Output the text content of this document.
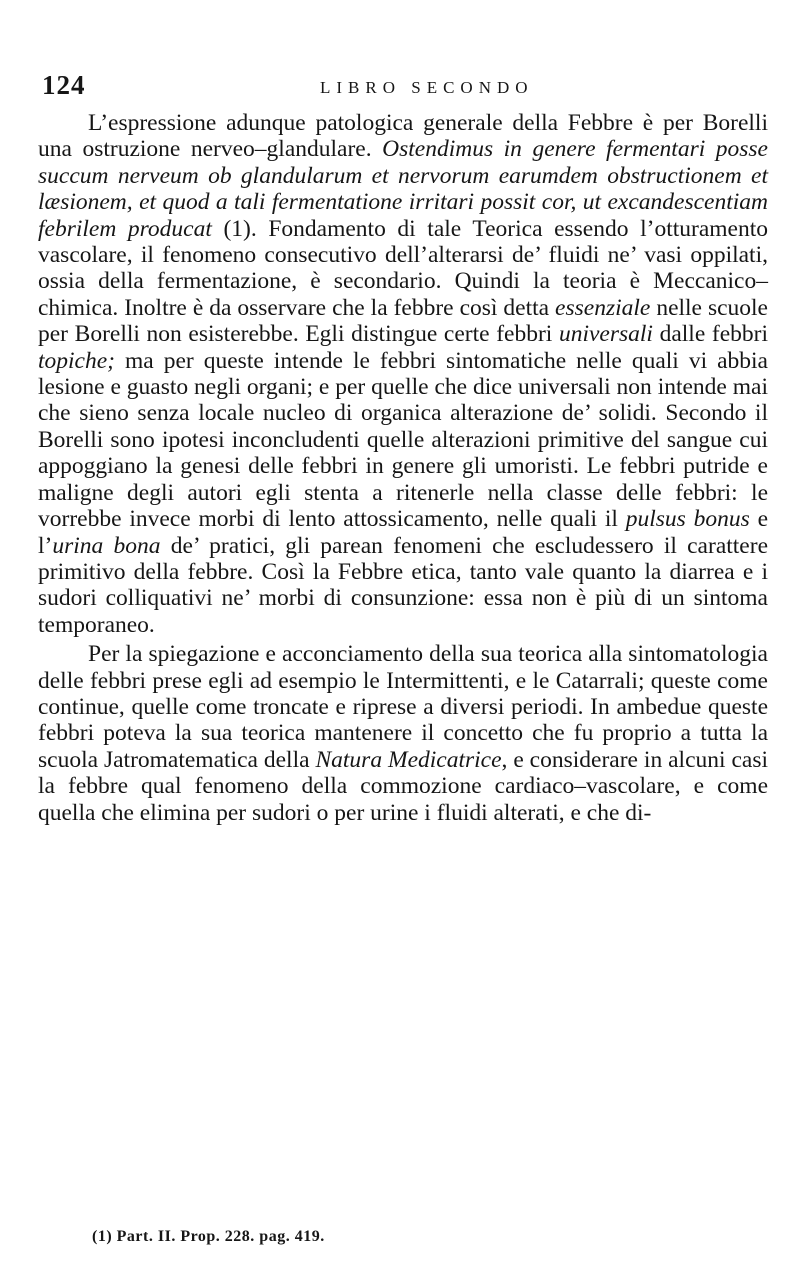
124	LIBRO SECONDO

L’espressione adunque patologica generale della Febbre è per Borelli una ostruzione nerveo–glandulare. Ostendimus in genere fermentari posse succum nerveum ob glandularum et nervorum earumdem obstructionem et læsionem, et quod a tali fermentatione irritari possit cor, ut excandescentiam febrilem producat (1). Fondamento di tale Teorica essendo l’otturamento vascolare, il fenomeno consecutivo dell’alterarsi de’ fluidi ne’ vasi oppilati, ossia della fermentazione, è secondario. Quindi la teoria è Meccanico–chimica. Inoltre è da osservare che la febbre così detta essenziale nelle scuole per Borelli non esisterebbe. Egli distingue certe febbri universali dalle febbri topiche; ma per queste intende le febbri sintomatiche nelle quali vi abbia lesione e guasto negli organi; e per quelle che dice universali non intende mai che sieno senza locale nucleo di organica alterazione de’ solidi. Secondo il Borelli sono ipotesi inconcludenti quelle alterazioni primitive del sangue cui appoggiano la genesi delle febbri in genere gli umoristi. Le febbri putride e maligne degli autori egli stenta a ritenerle nella classe delle febbri: le vorrebbe invece morbi di lento attossicamento, nelle quali il pulsus bonus e l’urina bona de’ pratici, gli parean fenomeni che escludessero il carattere primitivo della febbre. Così la Febbre etica, tanto vale quanto la diarrea e i sudori colliquativi ne’ morbi di consunzione: essa non è più di un sintoma temporaneo.

Per la spiegazione e acconciamento della sua teorica alla sintomatologia delle febbri prese egli ad esempio le Intermittenti, e le Catarrali; queste come continue, quelle come troncate e riprese a diversi periodi. In ambedue queste febbri poteva la sua teorica mantenere il concetto che fu proprio a tutta la scuola Jatromatematica della Natura Medicatrice, e considerare in alcuni casi la febbre qual fenomeno della commozione cardiaco–vascolare, e come quella che elimina per sudori o per urine i fluidi alterati, e che di-

(1) Part. II. Prop. 228. pag. 419.
